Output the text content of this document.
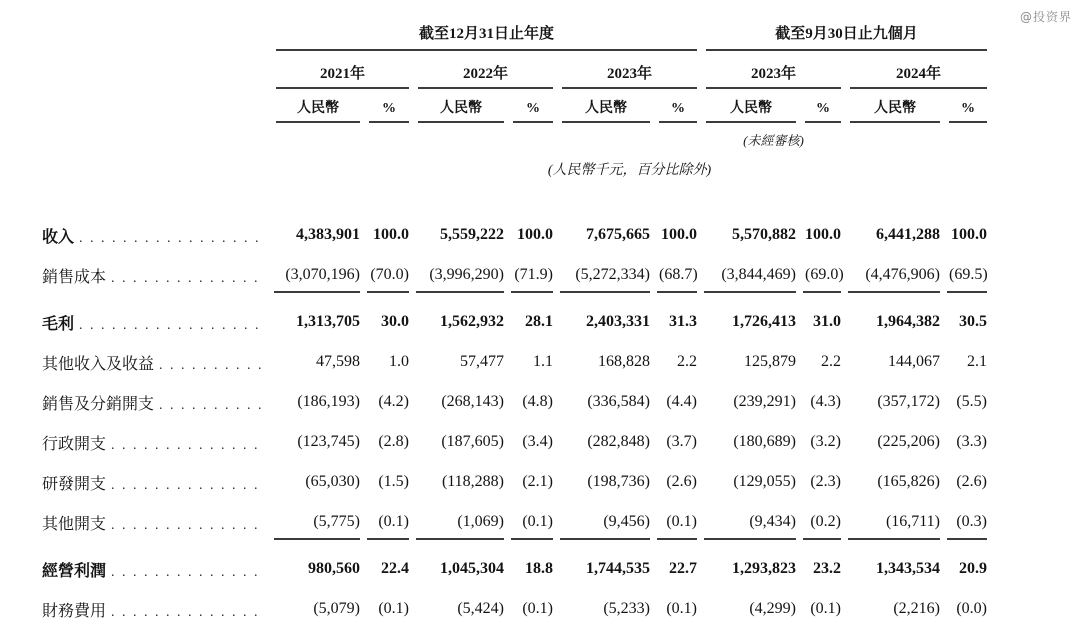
@投资界
截至12月31日止年度	截至9月30日止九個月
2021年	2022年	2023年	2023年	2024年
人民幣	%	人民幣	%	人民幣	%	人民幣	%	人民幣	%
(未經審核)
(人民幣千元，百分比除外)
收入 . . .	4,383,901 100.0	5,559,222 100.0	7,675,665 100.0	5,570,882 100.0	6,441,288 100.0
銷售成本 . . .	(3,070,196) (70.0)	(3,996,290) (71.9)	(5,272,334) (68.7)	(3,844,469) (69.0)	(4,476,906) (69.5)
毛利 . . .	1,313,705	30.0	1,562,932	28.1	2,403,331	31.3	1,726,413	31.0	1,964,382	30.5
其他收入及收益 . . .	47,598	1.0	57,477	1.1	168,828	2.2	125,879	2.2	144,067	2.1
銷售及分銷開支 . . .	(186,193)	(4.2)	(268,143)	(4.8)	(336,584)	(4.4)	(239,291) (4.3)	(357,172)	(5.5)
行政開支 . . .	(123,745)	(2.8)	(187,605)	(3.4)	(282,848)	(3.7)	(180,689) (3.2)	(225,206)	(3.3)
研發開支 . . .	(65,030)	(1.5)	(118,288)	(2.1)	(198,736)	(2.6)	(129,055) (2.3)	(165,826)	(2.6)
其他開支 . . .	(5,775)	(0.1)	(1,069)	(0.1)	(9,456)	(0.1)	(9,434) (0.2)	(16,711)	(0.3)
經營利潤 . . .	980,560	22.4	1,045,304	18.8	1,744,535	22.7	1,293,823	23.2	1,343,534	20.9
財務費用 . . .	(5,079)	(0.1)	(5,424)	(0.1)	(5,233)	(0.1)	(4,299) (0.1)	(2,216)	(0.0)
